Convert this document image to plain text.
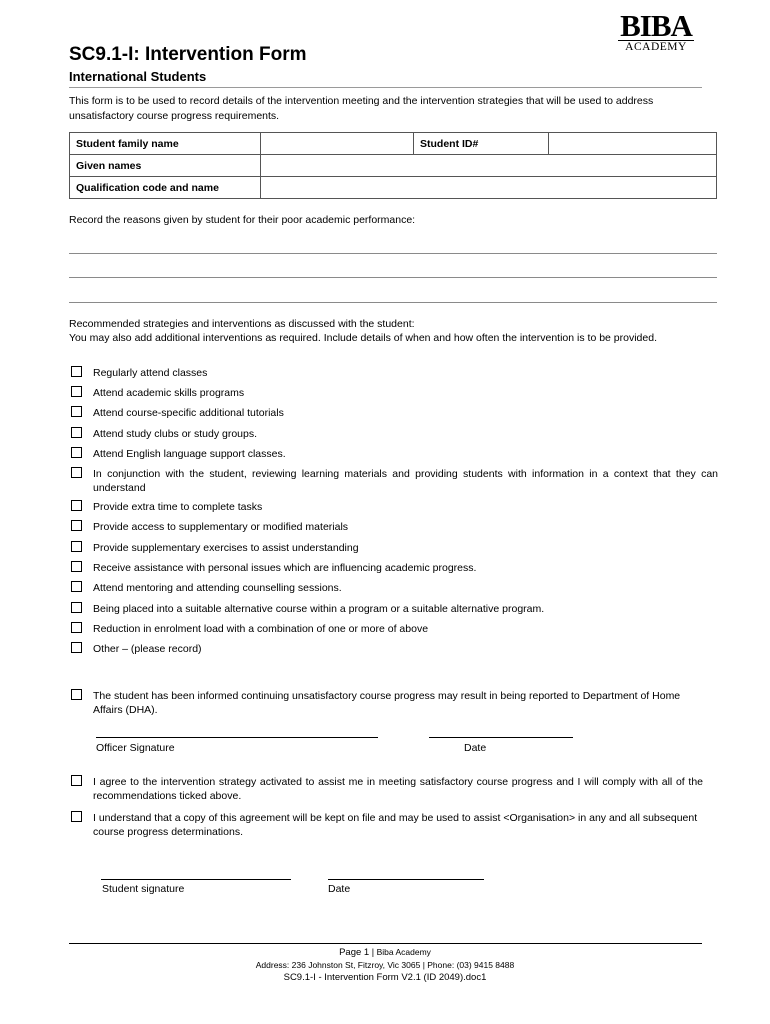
BIBA
ACADEMY
SC9.1-I: Intervention Form
International Students
This form is to be used to record details of the intervention meeting and the intervention strategies that will be used to address unsatisfactory course progress requirements.
Student family name		Student ID#	
Given names			
Qualification code and name			
Record the reasons given by student for their poor academic performance:
Recommended strategies and interventions as discussed with the student:
You may also add additional interventions as required. Include details of when and how often the intervention is to be provided.
Regularly attend classes
Attend academic skills programs
Attend course-specific additional tutorials
Attend study clubs or study groups.
Attend English language support classes.
In conjunction with the student, reviewing learning materials and providing students with information in a context that they can understand
Provide extra time to complete tasks
Provide access to supplementary or modified materials
Provide supplementary exercises to assist understanding
Receive assistance with personal issues which are influencing academic progress.
Attend mentoring and attending counselling sessions.
Being placed into a suitable alternative course within a program or a suitable alternative program.
Reduction in enrolment load with a combination of one or more of above
Other – (please record)
The student has been informed continuing unsatisfactory course progress may result in being reported to Department of Home Affairs (DHA).
Officer Signature	Date
I agree to the intervention strategy activated to assist me in meeting satisfactory course progress and I will comply with all of the recommendations ticked above.
I understand that a copy of this agreement will be kept on file and may be used to assist <Organisation> in any and all subsequent course progress determinations.
Student signature	Date
Page 1 | Biba Academy
Address: 236 Johnston St, Fitzroy, Vic 3065 | Phone: (03) 9415 8488
SC9.1-I - Intervention Form V2.1 (ID 2049).doc1
